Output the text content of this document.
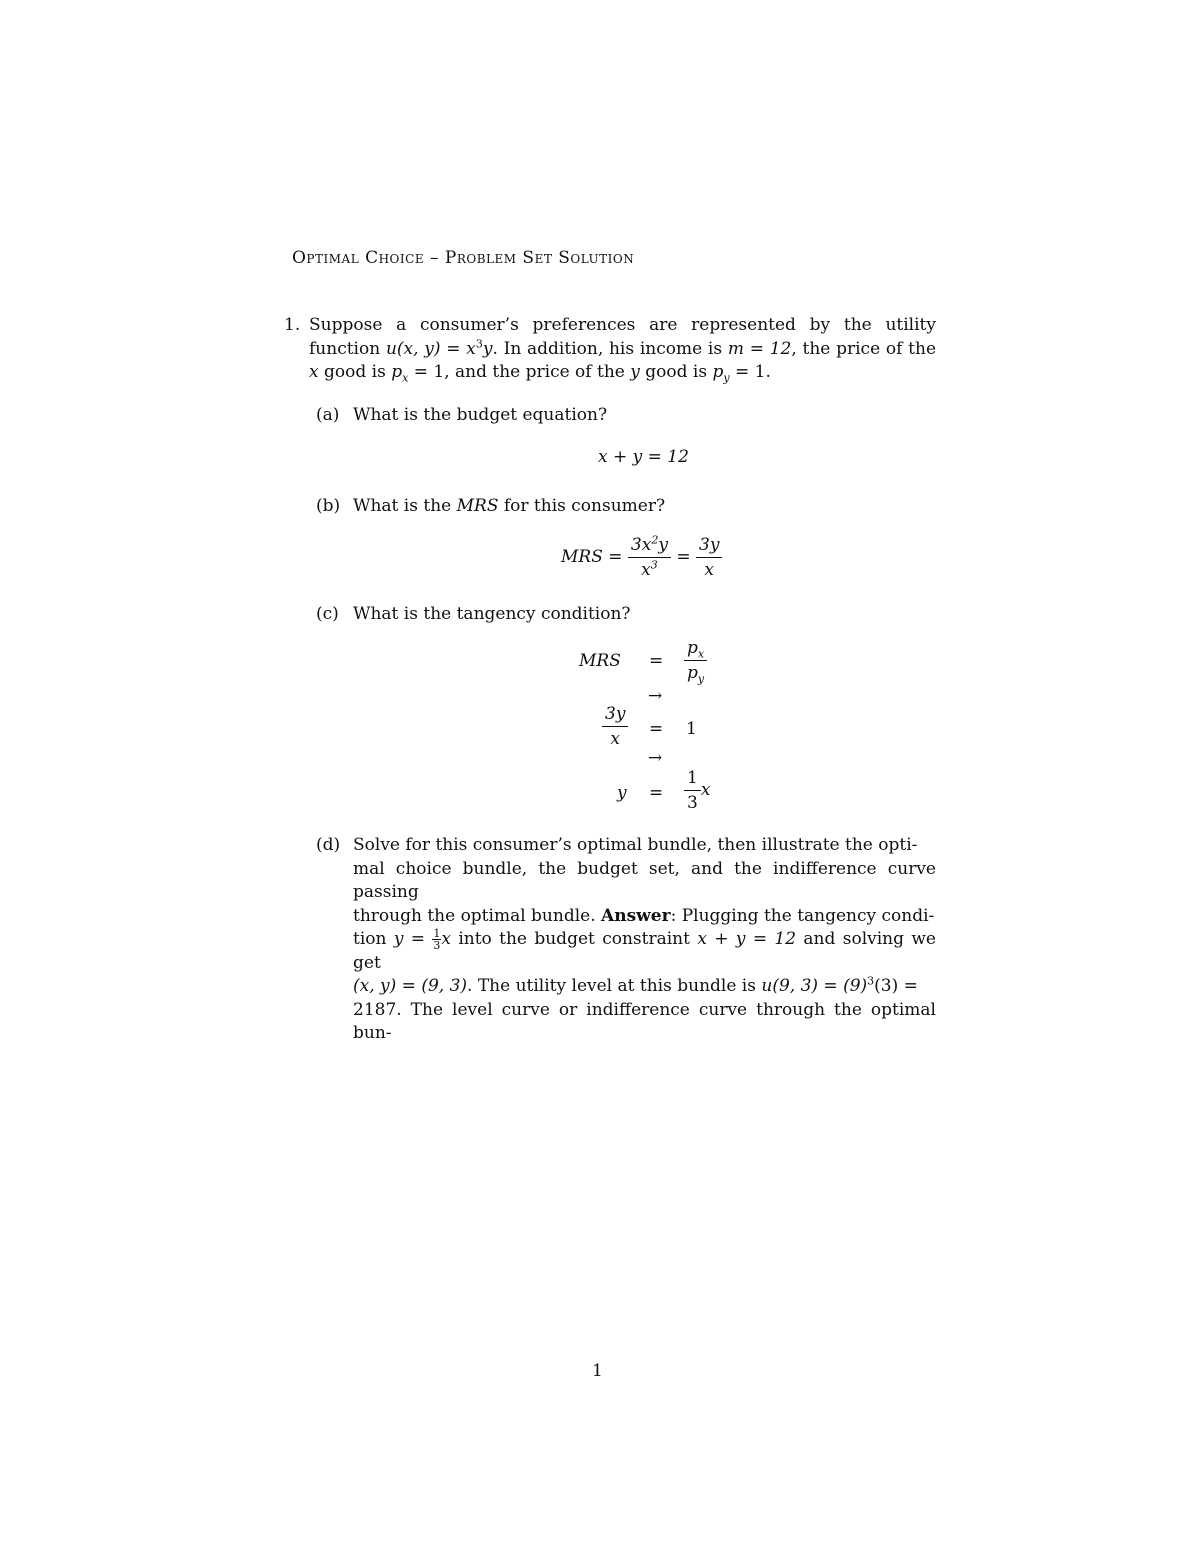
Optimal Choice – Problem Set Solution
1. Suppose a consumer’s preferences are represented by the utility function u(x, $y) = x^3y$. In addition, his income is m = 12, the price of the x good is $p_x = 1$, and the price of the y good is $p_y = 1$.
(a) What is the budget equation?
x + y = 12
(b) What is the MRS for this consumer?
MRS = $\frac{3x^2y}{x^3} = \frac{3y}{x}$
(c) What is the tangency condition?
MRS = $\frac{p_x}{p_y}$
→
$\frac{3y}{x} = 1$
→
$y = \frac{1}{3}$ x
(d) Solve for this consumer’s optimal bundle, then illustrate the opti-
mal choice bundle, the budget set, and the indifference curve passing
through the optimal bundle. Answer: Plugging the tangency condi-
tion $y = \frac{1}{3}$ x into the budget constraint x + y = 12 and solving we get
(x, y) = (9, 3). The utility level at this bundle is u(9, $3) = (9)^3(3)$ =
2187. The level curve or indifference curve through the optimal bun-
1
